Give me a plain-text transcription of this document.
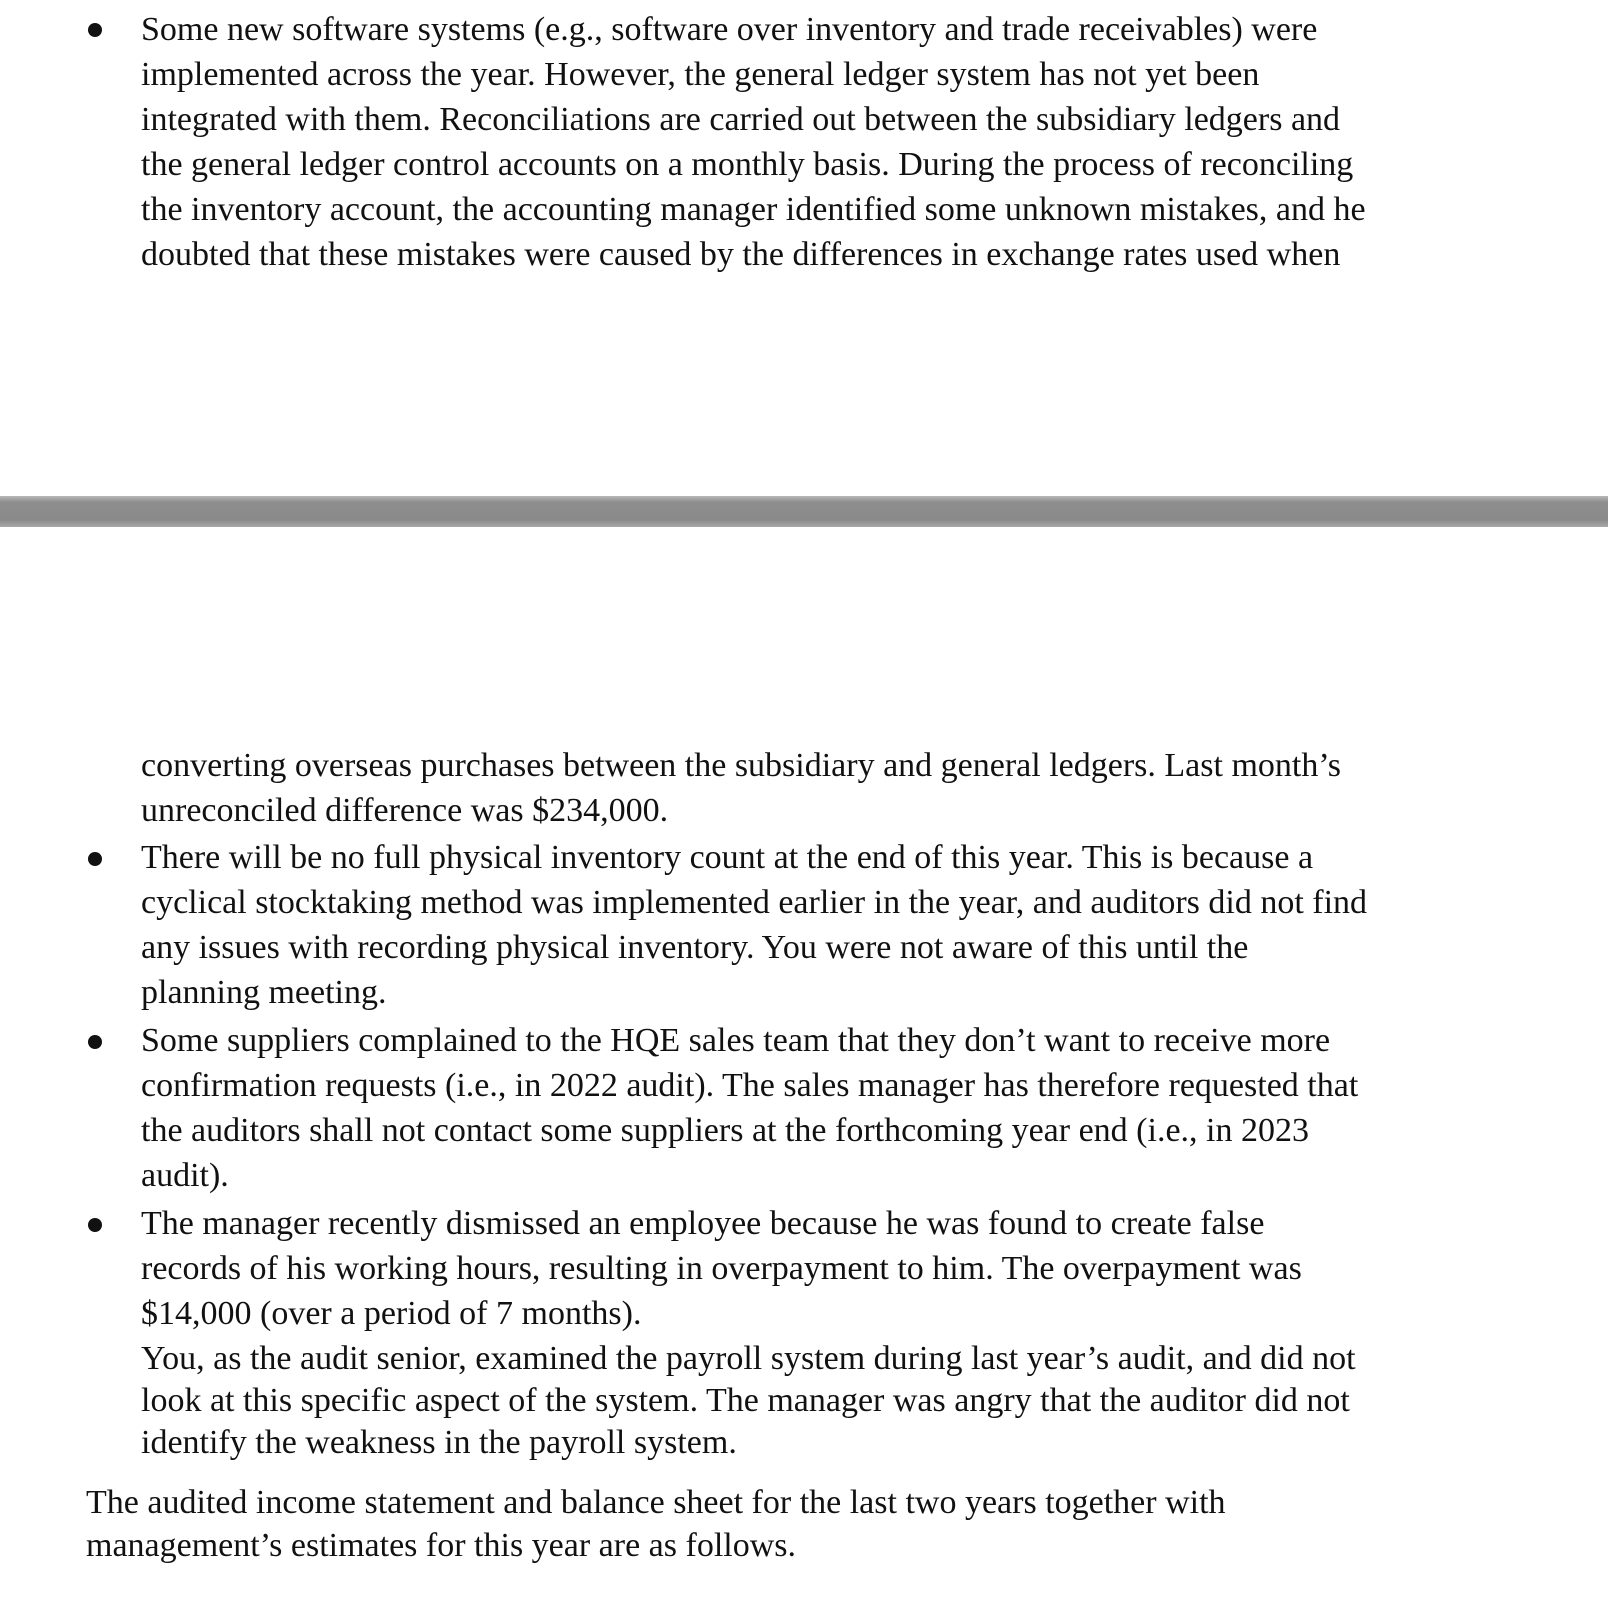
Some new software systems (e.g., software over inventory and trade receivables) were
implemented across the year. However, the general ledger system has not yet been
integrated with them. Reconciliations are carried out between the subsidiary ledgers and
the general ledger control accounts on a monthly basis. During the process of reconciling
the inventory account, the accounting manager identified some unknown mistakes, and he
doubted that these mistakes were caused by the differences in exchange rates used when
converting overseas purchases between the subsidiary and general ledgers. Last month’s
unreconciled difference was $234,000.
There will be no full physical inventory count at the end of this year. This is because a
cyclical stocktaking method was implemented earlier in the year, and auditors did not find
any issues with recording physical inventory. You were not aware of this until the
planning meeting.
Some suppliers complained to the HQE sales team that they don’t want to receive more
confirmation requests (i.e., in 2022 audit). The sales manager has therefore requested that
the auditors shall not contact some suppliers at the forthcoming year end (i.e., in 2023
audit).
The manager recently dismissed an employee because he was found to create false
records of his working hours, resulting in overpayment to him. The overpayment was
$14,000 (over a period of 7 months).
You, as the audit senior, examined the payroll system during last year’s audit, and did not
look at this specific aspect of the system. The manager was angry that the auditor did not
identify the weakness in the payroll system.
The audited income statement and balance sheet for the last two years together with
management’s estimates for this year are as follows.
